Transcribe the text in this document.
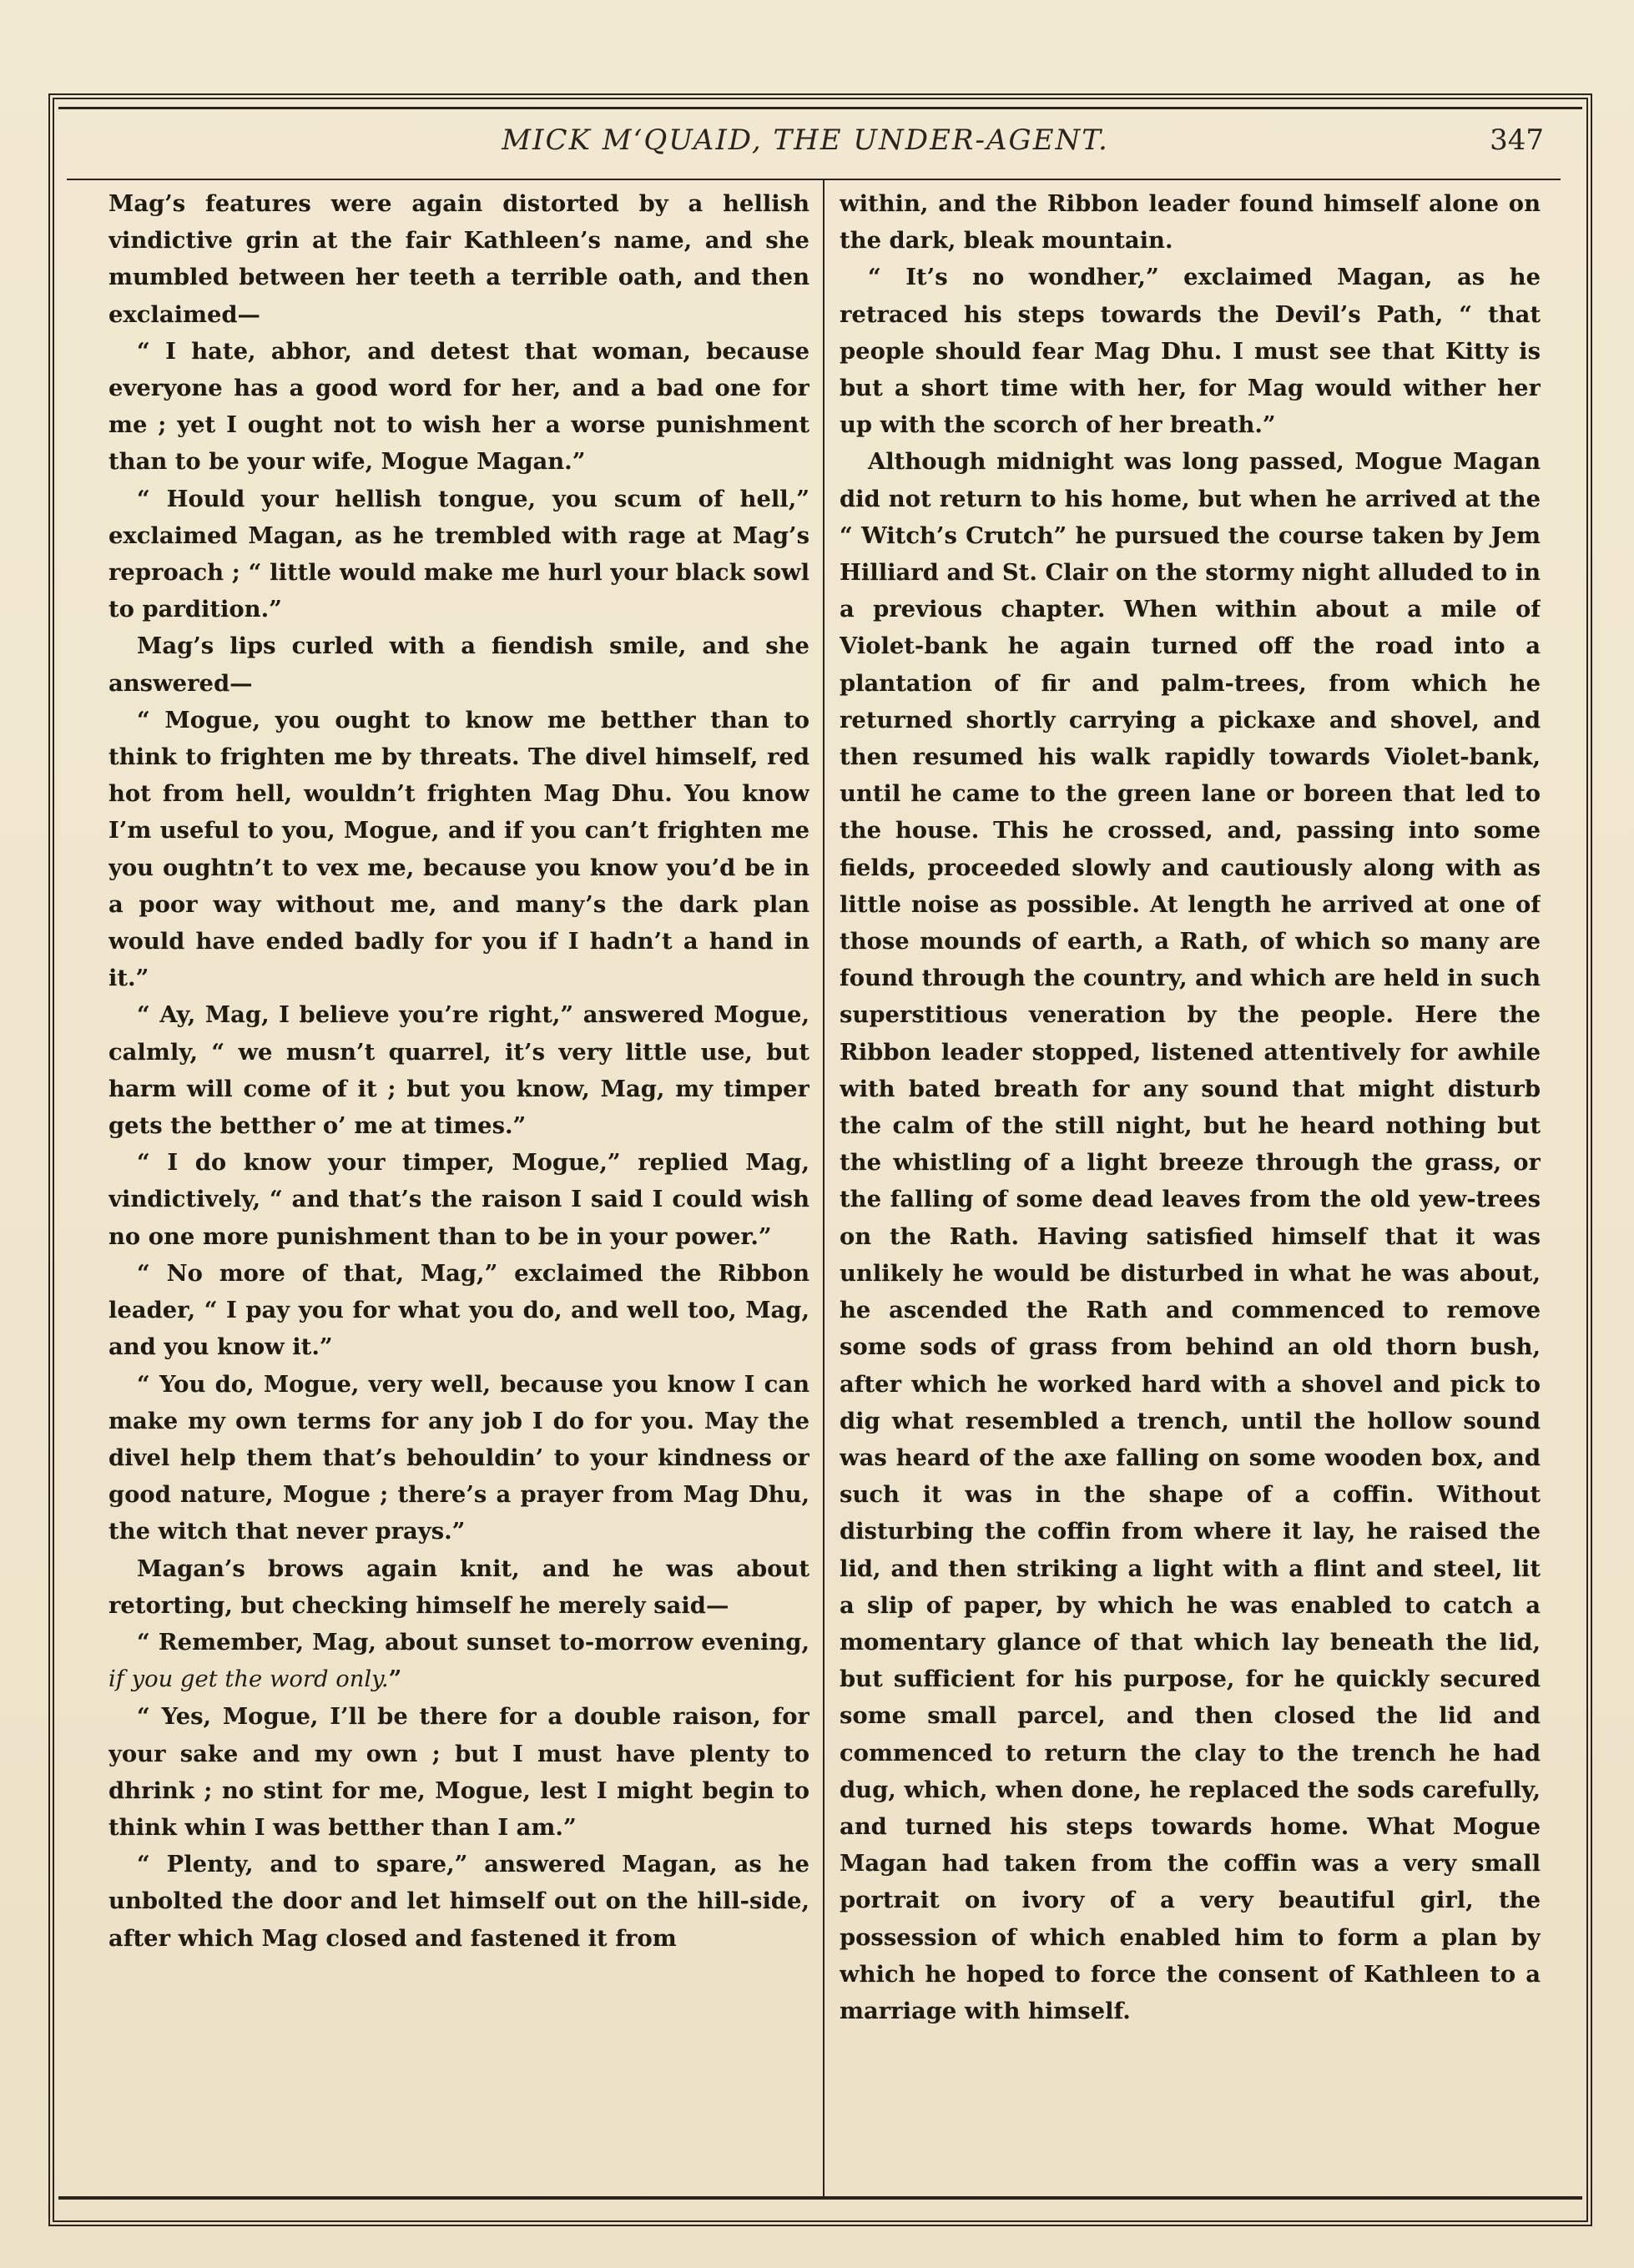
MICK M‘QUAID, THE UNDER-AGENT.	347

Mag’s features were again distorted by a hellish vindictive grin at the fair Kathleen’s name, and she mumbled between her teeth a terrible oath, and then exclaimed—

“ I hate, abhor, and detest that woman, because everyone has a good word for her, and a bad one for me ; yet I ought not to wish her a worse punishment than to be your wife, Mogue Magan.”

“ Hould your hellish tongue, you scum of hell,” exclaimed Magan, as he trembled with rage at Mag’s reproach ; “ little would make me hurl your black sowl to pardition.”

Mag’s lips curled with a fiendish smile, and she answered—

“ Mogue, you ought to know me betther than to think to frighten me by threats. The divel himself, red hot from hell, wouldn’t frighten Mag Dhu. You know I’m useful to you, Mogue, and if you can’t frighten me you oughtn’t to vex me, because you know you’d be in a poor way without me, and many’s the dark plan would have ended badly for you if I hadn’t a hand in it.”

“ Ay, Mag, I believe you’re right,” answered Mogue, calmly, “ we musn’t quarrel, it’s very little use, but harm will come of it ; but you know, Mag, my timper gets the betther o’ me at times.”

“ I do know your timper, Mogue,” replied Mag, vindictively, “ and that’s the raison I said I could wish no one more punishment than to be in your power.”

“ No more of that, Mag,” exclaimed the Ribbon leader, “ I pay you for what you do, and well too, Mag, and you know it.”

“ You do, Mogue, very well, because you know I can make my own terms for any job I do for you. May the divel help them that’s behouldin’ to your kindness or good nature, Mogue ; there’s a prayer from Mag Dhu, the witch that never prays.”

Magan’s brows again knit, and he was about retorting, but checking himself he merely said—

“ Remember, Mag, about sunset to-morrow evening, if you get the word only.”

“ Yes, Mogue, I’ll be there for a double raison, for your sake and my own ; but I must have plenty to dhrink ; no stint for me, Mogue, lest I might begin to think whin I was betther than I am.”

“ Plenty, and to spare,” answered Magan, as he unbolted the door and let himself out on the hill-side, after which Mag closed and fastened it from

within, and the Ribbon leader found himself alone on the dark, bleak mountain.

“ It’s no wondher,” exclaimed Magan, as he retraced his steps towards the Devil’s Path, “ that people should fear Mag Dhu. I must see that Kitty is but a short time with her, for Mag would wither her up with the scorch of her breath.”

Although midnight was long passed, Mogue Magan did not return to his home, but when he arrived at the “ Witch’s Crutch” he pursued the course taken by Jem Hilliard and St. Clair on the stormy night alluded to in a previous chapter. When within about a mile of Violet-bank he again turned off the road into a plantation of fir and palm-trees, from which he returned shortly carrying a pickaxe and shovel, and then resumed his walk rapidly towards Violet-bank, until he came to the green lane or boreen that led to the house. This he crossed, and, passing into some fields, proceeded slowly and cautiously along with as little noise as possible. At length he arrived at one of those mounds of earth, a Rath, of which so many are found through the country, and which are held in such superstitious veneration by the people. Here the Ribbon leader stopped, listened attentively for awhile with bated breath for any sound that might disturb the calm of the still night, but he heard nothing but the whistling of a light breeze through the grass, or the falling of some dead leaves from the old yew-trees on the Rath. Having satisfied himself that it was unlikely he would be disturbed in what he was about, he ascended the Rath and commenced to remove some sods of grass from behind an old thorn bush, after which he worked hard with a shovel and pick to dig what resembled a trench, until the hollow sound was heard of the axe falling on some wooden box, and such it was in the shape of a coffin. Without disturbing the coffin from where it lay, he raised the lid, and then striking a light with a flint and steel, lit a slip of paper, by which he was enabled to catch a momentary glance of that which lay beneath the lid, but sufficient for his purpose, for he quickly secured some small parcel, and then closed the lid and commenced to return the clay to the trench he had dug, which, when done, he replaced the sods carefully, and turned his steps towards home. What Mogue Magan had taken from the coffin was a very small portrait on ivory of a very beautiful girl, the possession of which enabled him to form a plan by which he hoped to force the consent of Kathleen to a marriage with himself.
